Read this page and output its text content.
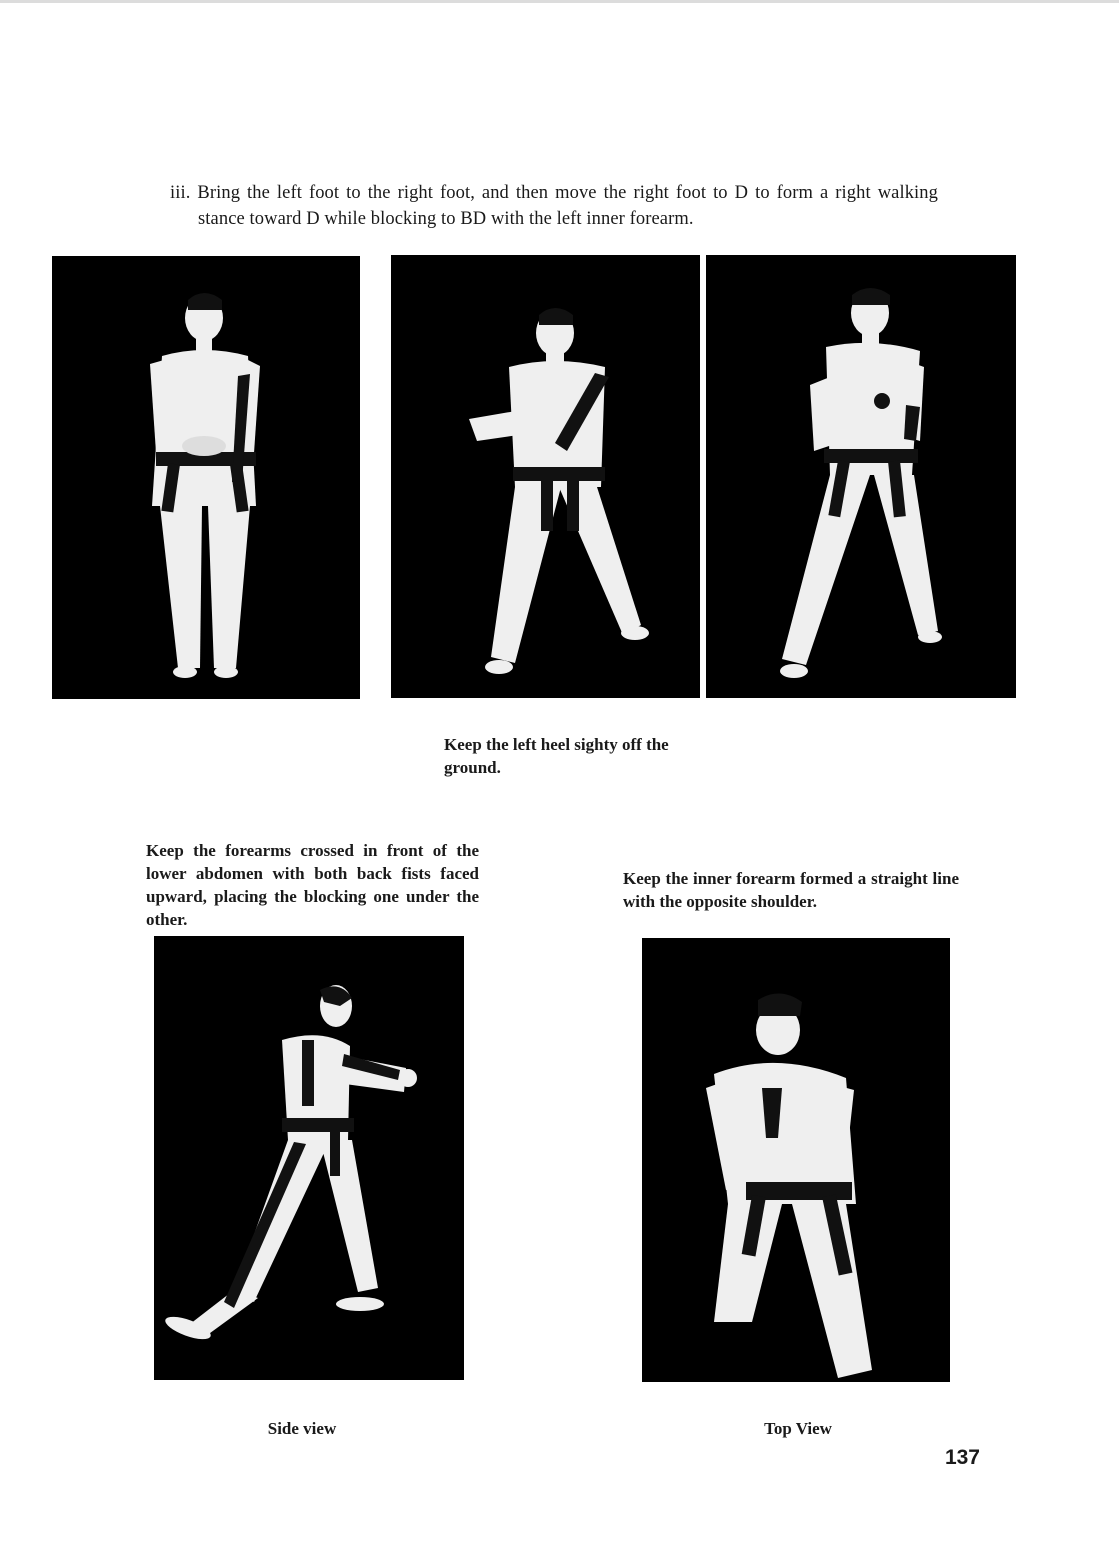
iii. Bring the left foot to the right foot, and then move the right foot to D to form a right walking stance toward D while blocking to BD with the left inner forearm.

Keep the left heel sighty off the ground.

Keep the forearms crossed in front of the lower abdomen with both back fists faced upward, placing the blocking one under the other.

Keep the inner forearm formed a straight line with the opposite shoulder.

Side view	Top View

137
